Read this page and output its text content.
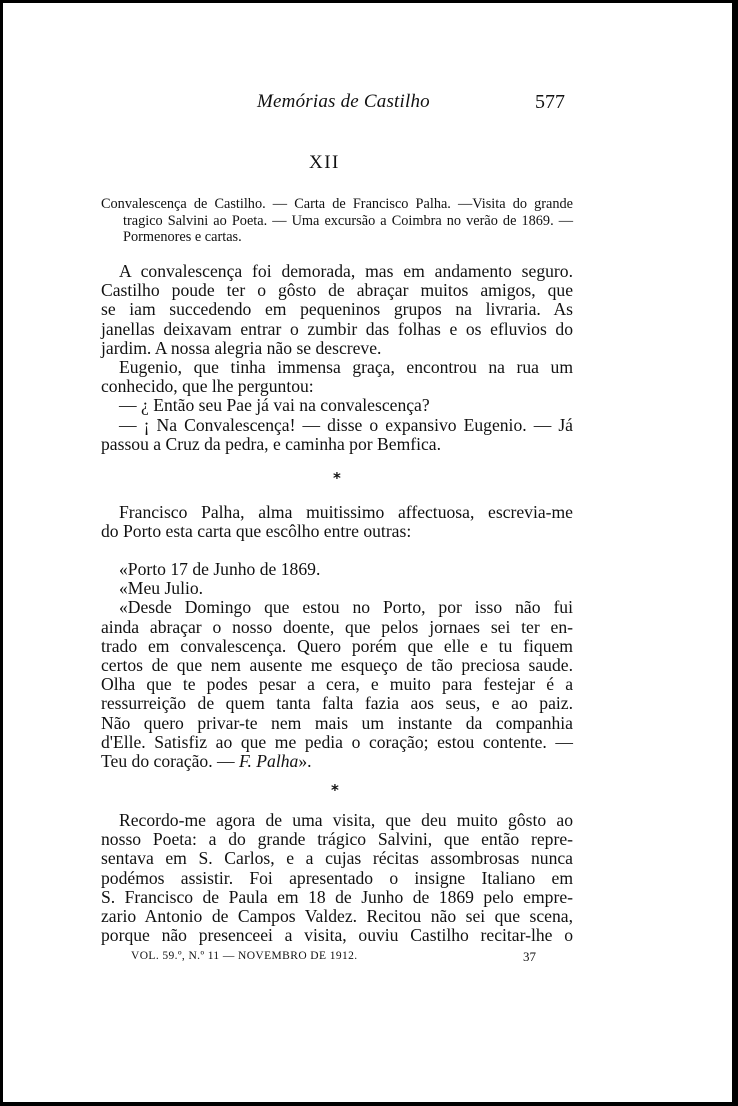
Memórias de Castilho	577
XII
Convalescença de Castilho. — Carta de Francisco Palha. —Visita do grande tragico Salvini ao Poeta. — Uma excursão a Coimbra no verão de 1869. — Pormenores e cartas.
A convalescença foi demorada, mas em andamento seguro.
Castilho poude ter o gôsto de abraçar muitos amigos, que
se iam succedendo em pequeninos grupos na livraria. As
janellas deixavam entrar o zumbir das folhas e os efluvios do
jardim. A nossa alegria não se descreve.
Eugenio, que tinha immensa graça, encontrou na rua um
conhecido, que lhe perguntou:
— ¿ Então seu Pae já vai na convalescença?
— ¡ Na Convalescença! — disse o expansivo Eugenio. — Já
passou a Cruz da pedra, e caminha por Bemfica.
*
Francisco Palha, alma muitissimo affectuosa, escrevia-me
do Porto esta carta que escôlho entre outras:
«Porto 17 de Junho de 1869.
«Meu Julio.
«Desde Domingo que estou no Porto, por isso não fui
ainda abraçar o nosso doente, que pelos jornaes sei ter en-
trado em convalescença. Quero porém que elle e tu fiquem
certos de que nem ausente me esqueço de tão preciosa saude.
Olha que te podes pesar a cera, e muito para festejar é a
ressurreição de quem tanta falta fazia aos seus, e ao paiz.
Não quero privar-te nem mais um instante da companhia
d'Elle. Satisfiz ao que me pedia o coração; estou contente. —
Teu do coração. — F. Palha».
*
Recordo-me agora de uma visita, que deu muito gôsto ao
nosso Poeta: a do grande trágico Salvini, que então repre-
sentava em S. Carlos, e a cujas récitas assombrosas nunca
podémos assistir. Foi apresentado o insigne Italiano em
S. Francisco de Paula em 18 de Junho de 1869 pelo empre-
zario Antonio de Campos Valdez. Recitou não sei que scena,
porque não presenceei a visita, ouviu Castilho recitar-lhe o
VOL. 59.º, N.º 11 — NOVEMBRO DE 1912.	37
